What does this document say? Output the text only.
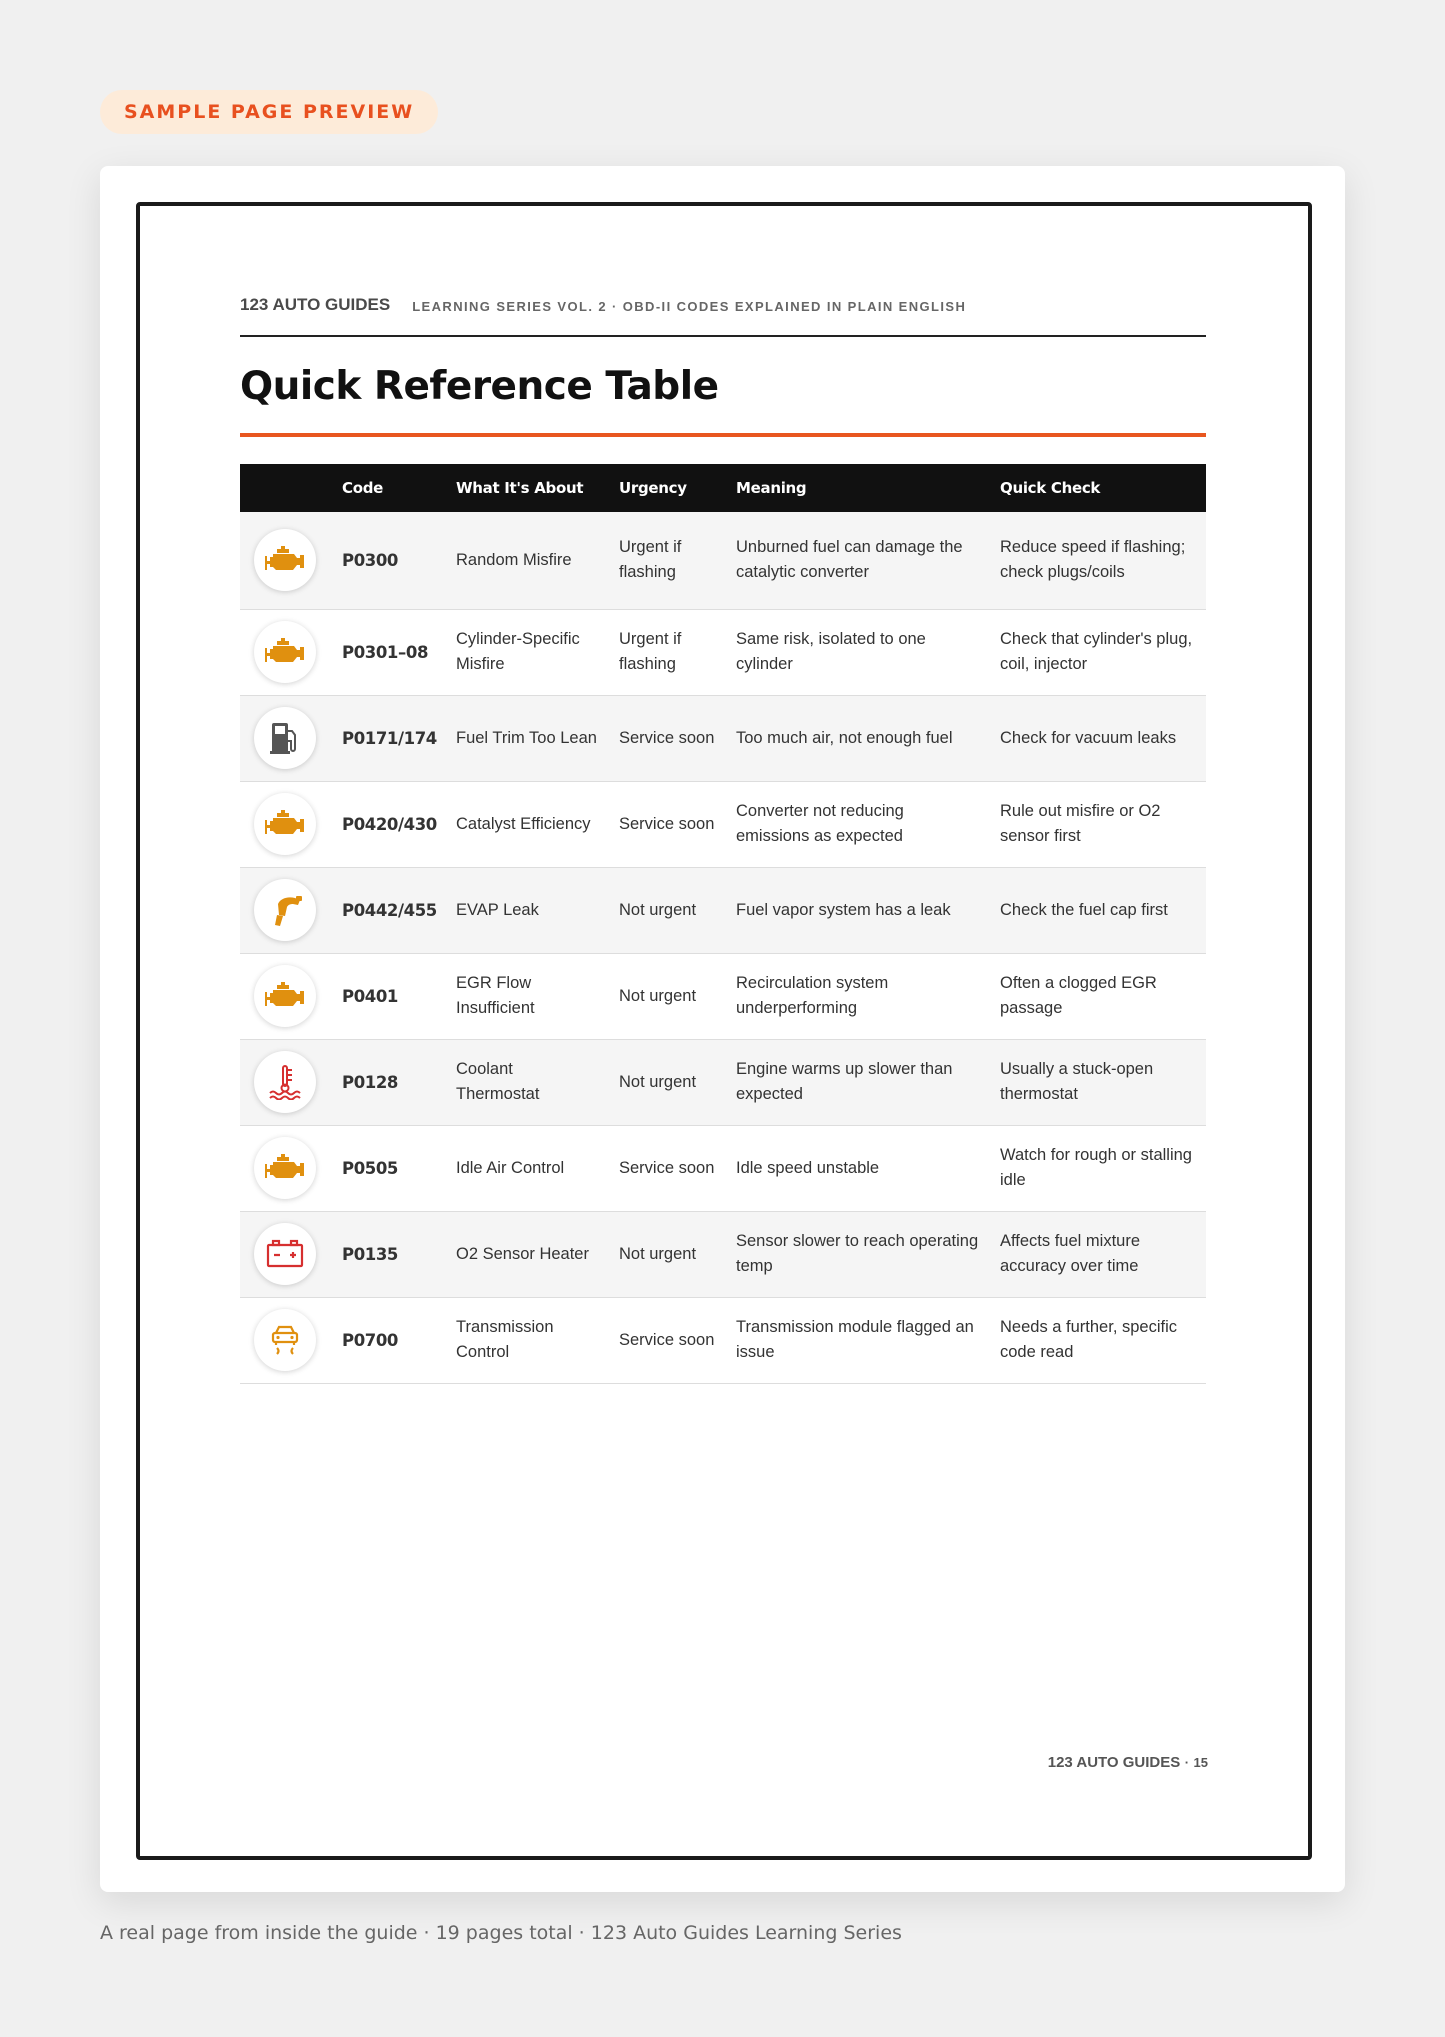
SAMPLE PAGE PREVIEW
123 AUTO GUIDES LEARNING SERIES VOL. 2 · OBD-II CODES EXPLAINED IN PLAIN ENGLISH
Quick Reference Table
	Code	What It's About	Urgency	Meaning	Quick Check

	P0300	Random Misfire	Urgent if flashing	Unburned fuel can damage the catalytic converter	Reduce speed if flashing; check plugs/coils

	P0301–08	Cylinder-Specific Misfire	Urgent if flashing	Same risk, isolated to one cylinder	Check that cylinder's plug, coil, injector

	P0171/174	Fuel Trim Too Lean	Service soon	Too much air, not enough fuel	Check for vacuum leaks

	P0420/430	Catalyst Efficiency	Service soon	Converter not reducing emissions as expected	Rule out misfire or O2 sensor first

	P0442/455	EVAP Leak	Not urgent	Fuel vapor system has a leak	Check the fuel cap first

	P0401	EGR Flow Insufficient	Not urgent	Recirculation system underperforming	Often a clogged EGR passage

	P0128	Coolant Thermostat	Not urgent	Engine warms up slower than expected	Usually a stuck-open thermostat

	P0505	Idle Air Control	Service soon	Idle speed unstable	Watch for rough or stalling idle

	P0135	O2 Sensor Heater	Not urgent	Sensor slower to reach operating temp	Affects fuel mixture accuracy over time

	P0700	Transmission Control	Service soon	Transmission module flagged an issue	Needs a further, specific code read
123 AUTO GUIDES · 15
A real page from inside the guide · 19 pages total · 123 Auto Guides Learning Series
